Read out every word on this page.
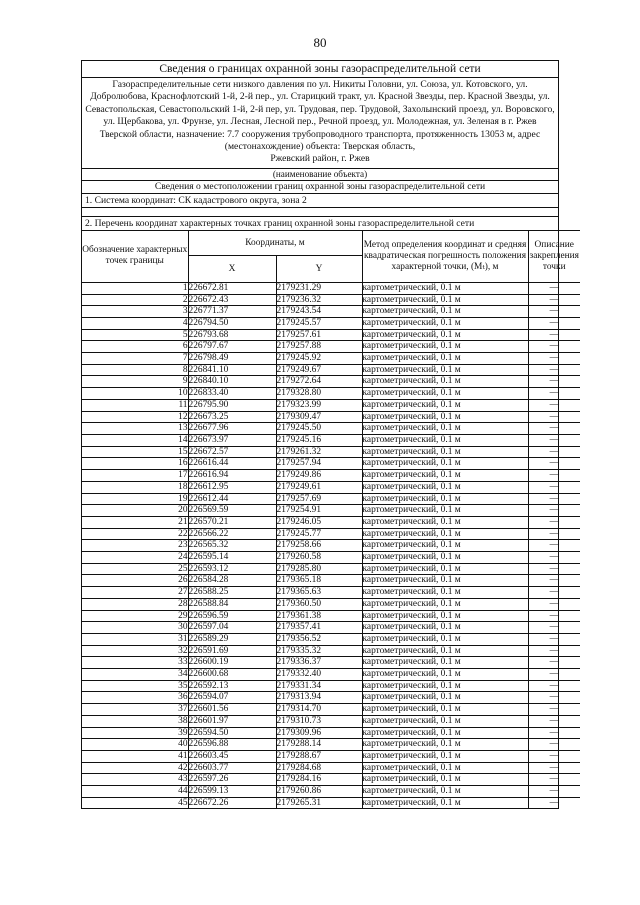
80
Сведения о границах охранной зоны газораспределительной сети
Газораспределительные сети низкого давления по ул. Никиты Головни, ул. Союза, ул. Котовского, ул. Добролюбова, Краснофлотский 1-й, 2-й пер., ул. Старицкий тракт, ул. Красной Звезды, пер. Красной Звезды, ул. Севастопольская, Севастопольский 1-й, 2-й пер, ул. Трудовая, пер. Трудовой, Захолынский проезд, ул. Воровского, ул. Щербакова, ул. Фрунзе, ул. Лесная, Лесной пер., Речной проезд, ул. Молодежная, ул. Зеленая в г. Ржев Тверской области, назначение: 7.7 сооружения трубопроводного транспорта, протяженность 13053 м, адрес (местонахождение) объекта: Тверская область,
Ржевский район, г. Ржев
(наименование объекта)
Сведения о местоположении границ охранной зоны газораспределительной сети
1. Система координат: СК кадастрового округа, зона 2
2. Перечень координат характерных точках границ охранной зоны газораспределительной сети
Обозначение характерных точек границы	Координаты, м		Метод определения координат и средняя квадратическая погрешность положения характерной точки, (Mₜ), м	Описание закрепления точки
	X	Y		
1	226672.81	2179231.29	картометрический, 0.1 м	—
2	226672.43	2179236.32	картометрический, 0.1 м	—
3	226771.37	2179243.54	картометрический, 0.1 м	—
4	226794.50	2179245.57	картометрический, 0.1 м	—
5	226793.68	2179257.61	картометрический, 0.1 м	—
6	226797.67	2179257.88	картометрический, 0.1 м	—
7	226798.49	2179245.92	картометрический, 0.1 м	—
8	226841.10	2179249.67	картометрический, 0.1 м	—
9	226840.10	2179272.64	картометрический, 0.1 м	—
10	226833.40	2179328.80	картометрический, 0.1 м	—
11	226795.90	2179323.99	картометрический, 0.1 м	—
12	226673.25	2179309.47	картометрический, 0.1 м	—
13	226677.96	2179245.50	картометрический, 0.1 м	—
14	226673.97	2179245.16	картометрический, 0.1 м	—
15	226672.57	2179261.32	картометрический, 0.1 м	—
16	226616.44	2179257.94	картометрический, 0.1 м	—
17	226616.94	2179249.86	картометрический, 0.1 м	—
18	226612.95	2179249.61	картометрический, 0.1 м	—
19	226612.44	2179257.69	картометрический, 0.1 м	—
20	226569.59	2179254.91	картометрический, 0.1 м	—
21	226570.21	2179246.05	картометрический, 0.1 м	—
22	226566.22	2179245.77	картометрический, 0.1 м	—
23	226565.32	2179258.66	картометрический, 0.1 м	—
24	226595.14	2179260.58	картометрический, 0.1 м	—
25	226593.12	2179285.80	картометрический, 0.1 м	—
26	226584.28	2179365.18	картометрический, 0.1 м	—
27	226588.25	2179365.63	картометрический, 0.1 м	—
28	226588.84	2179360.50	картометрический, 0.1 м	—
29	226596.59	2179361.38	картометрический, 0.1 м	—
30	226597.04	2179357.41	картометрический, 0.1 м	—
31	226589.29	2179356.52	картометрический, 0.1 м	—
32	226591.69	2179335.32	картометрический, 0.1 м	—
33	226600.19	2179336.37	картометрический, 0.1 м	—
34	226600.68	2179332.40	картометрический, 0.1 м	—
35	226592.13	2179331.34	картометрический, 0.1 м	—
36	226594.07	2179313.94	картометрический, 0.1 м	—
37	226601.56	2179314.70	картометрический, 0.1 м	—
38	226601.97	2179310.73	картометрический, 0.1 м	—
39	226594.50	2179309.96	картометрический, 0.1 м	—
40	226596.88	2179288.14	картометрический, 0.1 м	—
41	226603.45	2179288.67	картометрический, 0.1 м	—
42	226603.77	2179284.68	картометрический, 0.1 м	—
43	226597.26	2179284.16	картометрический, 0.1 м	—
44	226599.13	2179260.86	картометрический, 0.1 м	—
45	226672.26	2179265.31	картометрический, 0.1 м	—
